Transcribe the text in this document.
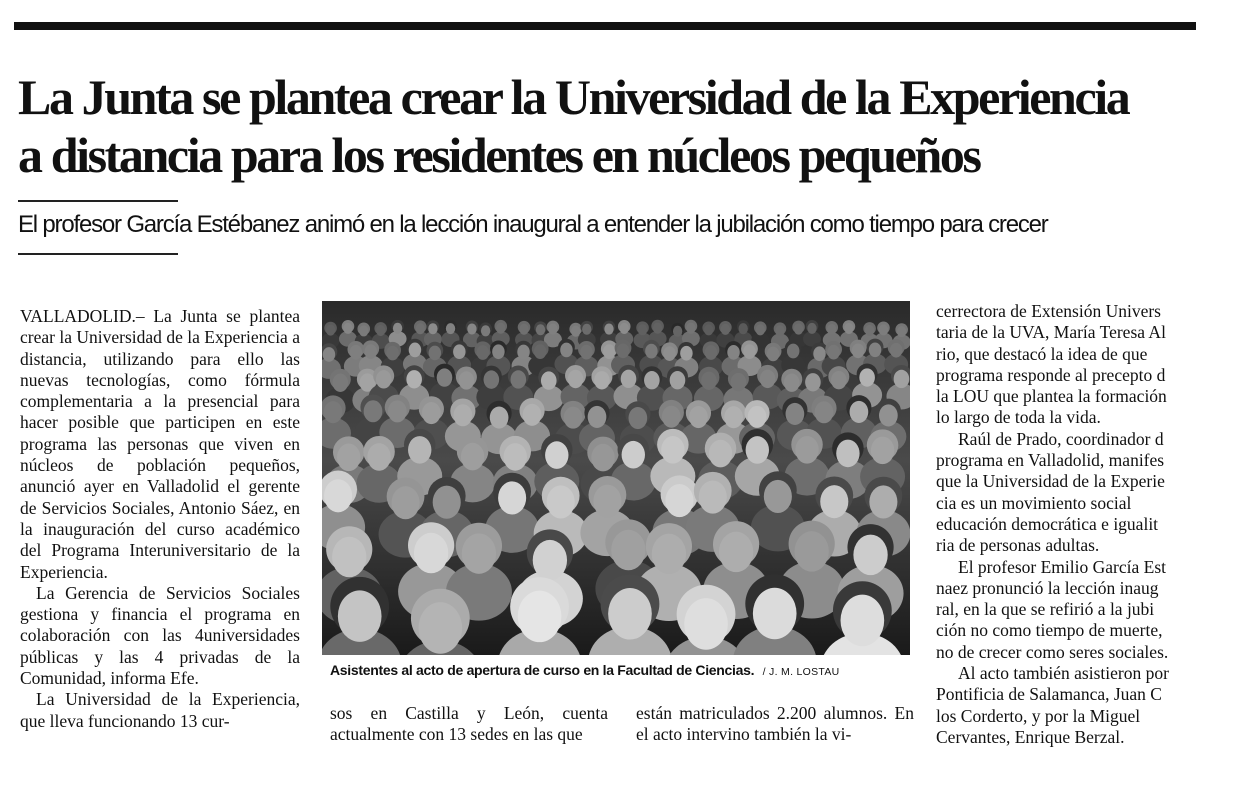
La Junta se plantea crear la Universidad de la Experiencia
a distancia para los residentes en núcleos pequeños
El profesor García Estébanez animó en la lección inaugural a entender la jubilación como tiempo para crecer

VALLADOLID.– La Junta se plantea crear la Universidad de la Experiencia a distancia, utilizando para ello las nuevas tecnologías, como fórmula complementaria a la presencial para hacer posible que participen en este programa las personas que viven en núcleos de población pequeños, anunció ayer en Valladolid el gerente de Servicios Sociales, Antonio Sáez, en la inauguración del curso académico del Programa Interuniversitario de la Experiencia.

La Gerencia de Servicios Sociales gestiona y financia el programa en colaboración con las 4universidades públicas y las 4 privadas de la Comunidad, informa Efe.

La Universidad de la Experiencia, que lleva funcionando 13 cur-

Asistentes al acto de apertura de curso en la Facultad de Ciencias. / J. M. LOSTAU

sos en Castilla y León, cuenta actualmente con 13 sedes en las que

están matriculados 2.200 alumnos. En el acto intervino también la vi-

cerrectora de Extensión Univers

taria de la UVA, María Teresa Al

rio, que destacó la idea de que

programa responde al precepto d

la LOU que plantea la formación

lo largo de toda la vida.

Raúl de Prado, coordinador d

programa en Valladolid, manifes

que la Universidad de la Experie

cia es un movimiento social

educación democrática e igualit

ria de personas adultas.

El profesor Emilio García Est

naez pronunció la lección inaug

ral, en la que se refirió a la jubi

ción no como tiempo de muerte,

no de crecer como seres sociales.

Al acto también asistieron por

Pontificia de Salamanca, Juan C

los Corderto, y por la Miguel

Cervantes, Enrique Berzal.
